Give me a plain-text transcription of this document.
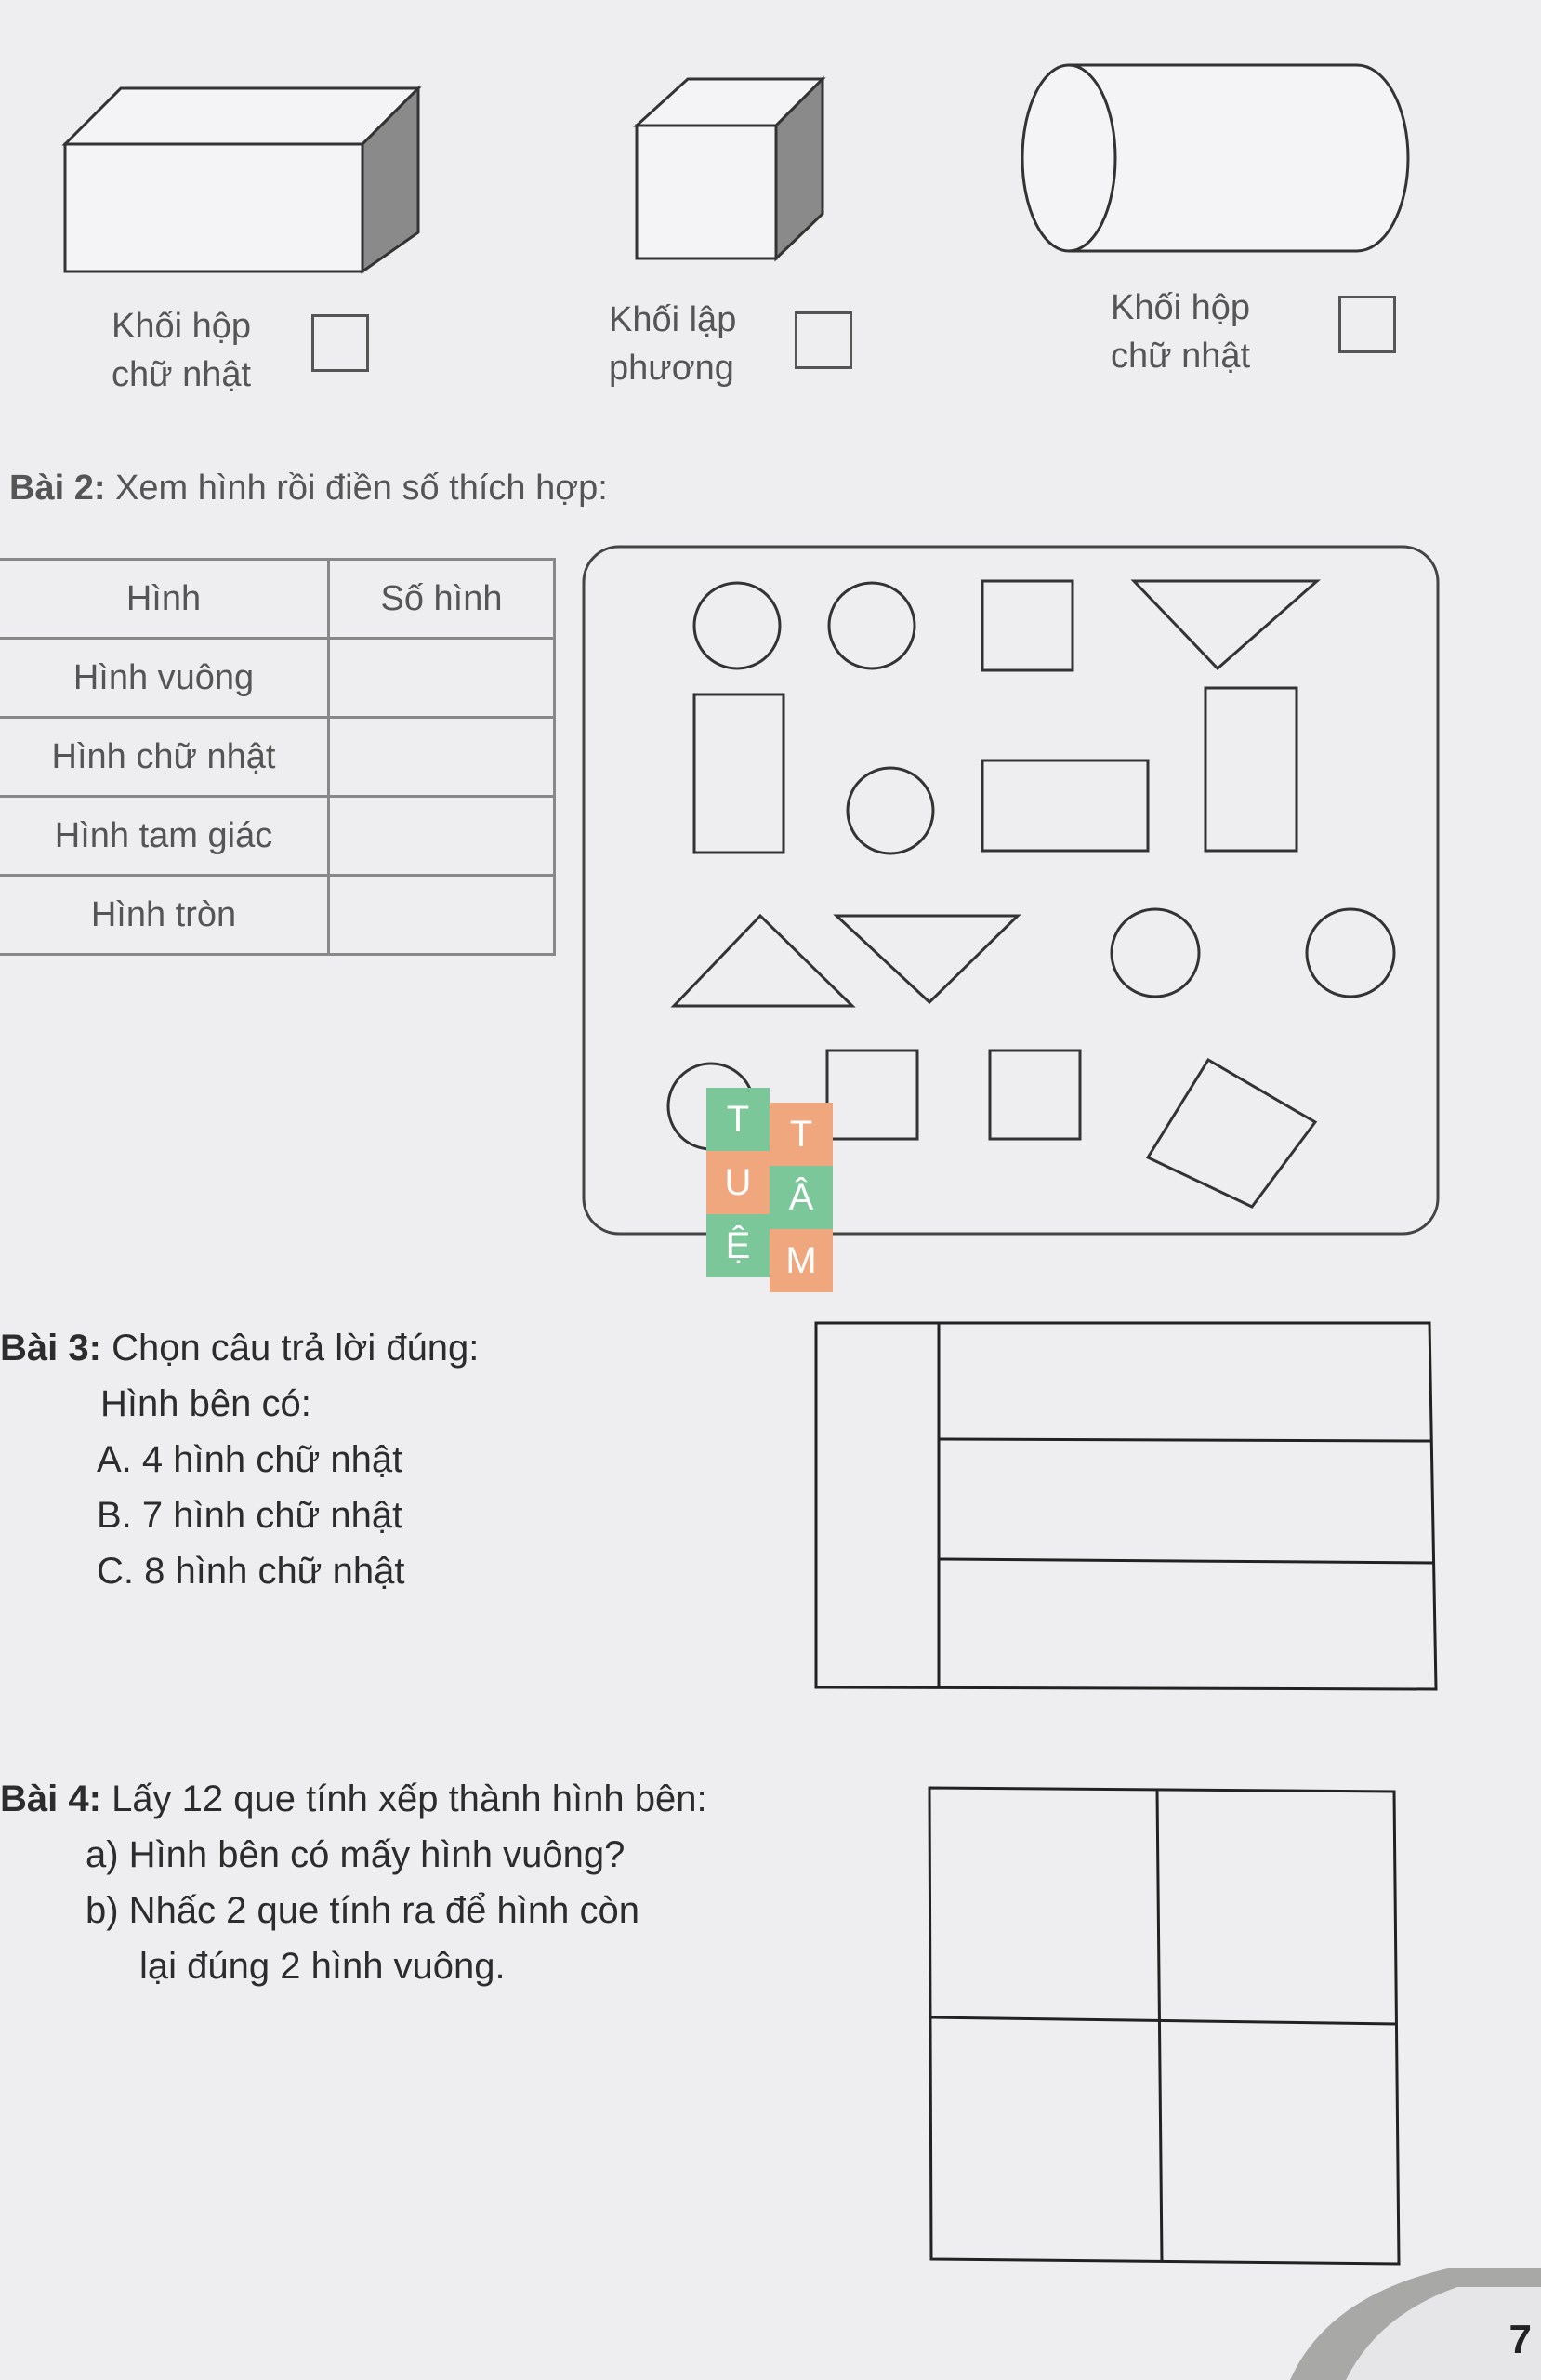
Khối hộp
chữ nhật
Khối lập
phương
Khối hộp
chữ nhật
Bài 2: Xem hình rồi điền số thích hợp:
Hình	Số hình
Hình vuông	
Hình chữ nhật	
Hình tam giác	
Hình tròn	
T	T
U	Â
Ệ M
Bài 3: Chọn câu trả lời đúng:
Hình bên có:
A. 4 hình chữ nhật
B. 7 hình chữ nhật
C. 8 hình chữ nhật
Bài 4: Lấy 12 que tính xếp thành hình bên:
a) Hình bên có mấy hình vuông?
b) Nhấc 2 que tính ra để hình còn
lại đúng 2 hình vuông.
7
